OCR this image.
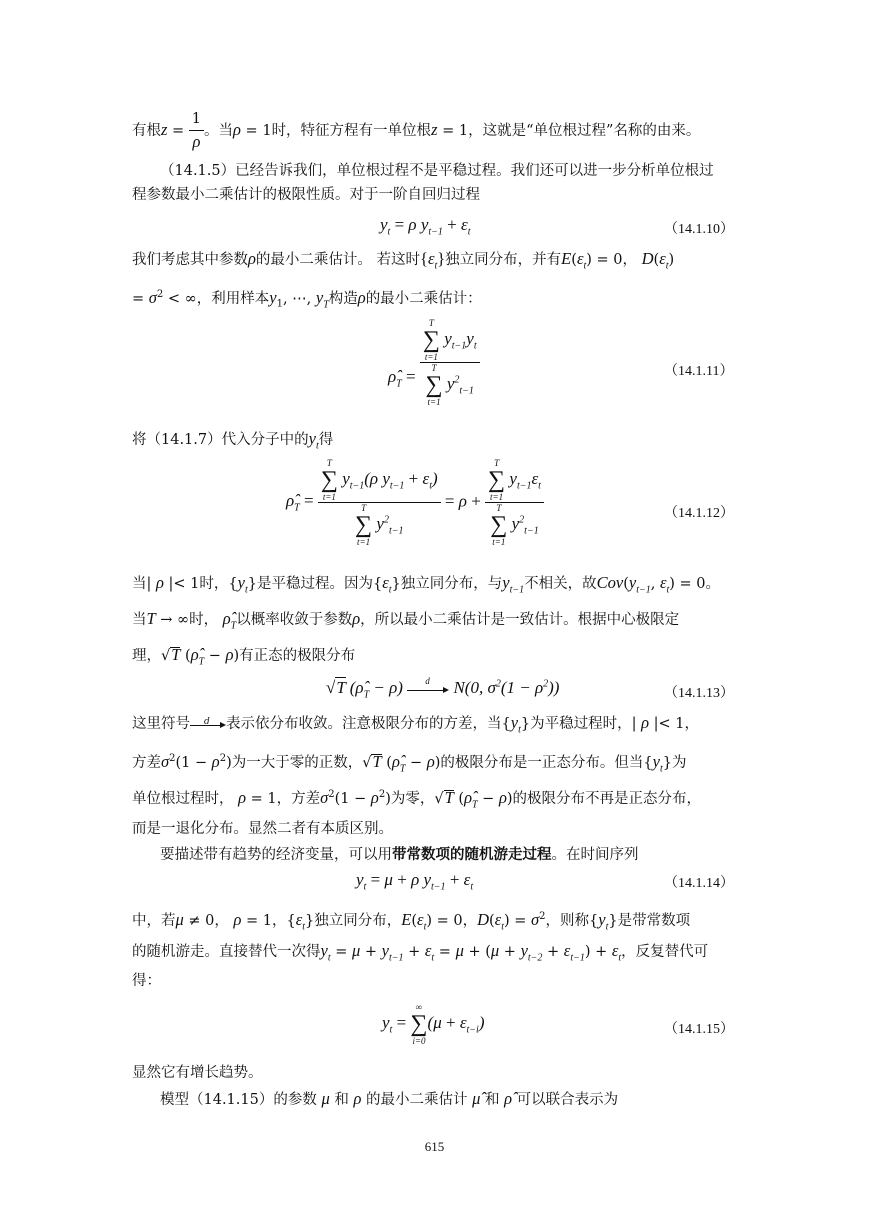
有根$z = \frac{1}{\rho}$ 。当ρ = 1时，特征方程有一单位根z = 1，这就是“单位根过程”名称的由来。
（14.1.5）已经告诉我们，单位根过程不是平稳过程。我们还可以进一步分析单位根过
程参数最小二乘估计的极限性质。对于一阶自回归过程
$y_t = \rho$ $y_{t-1} + \varepsilon_t$	（14.1.10）
我们考虑其中参数ρ的最小二乘估计。 若这时$\{\varepsilon_t\}$独立同分布，并有$E(\varepsilon_t) = 0$， $D(\varepsilon_t)$
= $\sigma^2$ < ∞，利用样本$y_1$, ⋯, $y_T$构造ρ的最小二乘估计：
$\rhô_T = T$
∑
t=1
$y_{t-1}y_t$
T
∑
t=1
$y^2_{t-1}$	（14.1.11）
将（14.1.7）代入分子中的$y_t$得
$\rhô_T = T$
∑
t=1
$y_{t-1}(\rho$ $y_{t-1} + \varepsilon_t$)
T
∑
t=1
$y^2_{t-1} = \rho + T$
∑
t=1
$y_{t-1}\varepsilon_t$
T
∑
t=1
$y^2_{t-1}$	（14.1.12）
当| ρ |< 1时，$\{y_t\}$是平稳过程。因为$\{\varepsilon_t\}$独立同分布，与$y_{t-1}$不相关，故$Cov(y_{t-1}$, $\varepsilon_t) = 0$。
当T → ∞时， $\rhô_T$以概率收敛于参数ρ，所以最小二乘估计是一致估计。根据中心极限定
理，√T $(\rhô_T - \rho)$有正态的极限分布
√T $(\rhô_T - \rho)$ d N(0, $\sigma^2(1 - \rho^2)$)	（14.1.13）
这里符号 d 表示依分布收敛。注意极限分布的方差，当$\{y_t\}$为平稳过程时，| ρ |< 1，
方差$\sigma^2(1 - \rho^2)$为一大于零的正数，√T $(\rhô_T - \rho)$的极限分布是一正态分布。但当$\{y_t\}$为
单位根过程时， ρ = 1，方差$\sigma^2(1 - \rho^2)$为零，√T $(\rhô_T - \rho)$的极限分布不再是正态分布，
而是一退化分布。显然二者有本质区别。
要描述带有趋势的经济变量，可以用带常数项的随机游走过程。在时间序列
$y_t = \mu + \rho$ $y_{t-1} + \varepsilon_t$	（14.1.14）
中，若μ ≠ 0， ρ = 1，$\{\varepsilon_t\}$独立同分布，$E(\varepsilon_t) = 0$，$D(\varepsilon_t) = \sigma^2$，则称$\{y_t\}$是带常数项
的随机游走。直接替代一次得$y_t = \mu + y_{t-1} + \varepsilon_t = \mu + (\mu + y_{t-2} + \varepsilon_{t-1}) + \varepsilon_t$，反复替代可
得：
$y_t$ =
∞
∑
i=0
$(\mu + \varepsilon_{t-i})$	（14.1.15）
显然它有增长趋势。
模型（14.1.15）的参数 μ 和 ρ 的最小二乘估计 μ̂ 和 ρ̂ 可以联合表示为
615
